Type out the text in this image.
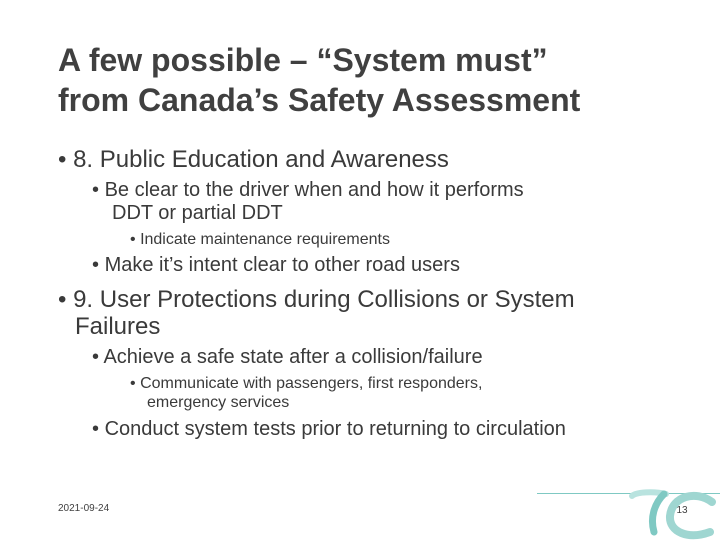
A few possible – “System must”
from Canada’s Safety Assessment
• 8. Public Education and Awareness
• Be clear to the driver when and how it performs
DDT or partial DDT
• Indicate maintenance requirements
• Make it’s intent clear to other road users
• 9. User Protections during Collisions or System
Failures
• Achieve a safe state after a collision/failure
• Communicate with passengers, first responders,
emergency services
• Conduct system tests prior to returning to circulation
2021-09-24	13
